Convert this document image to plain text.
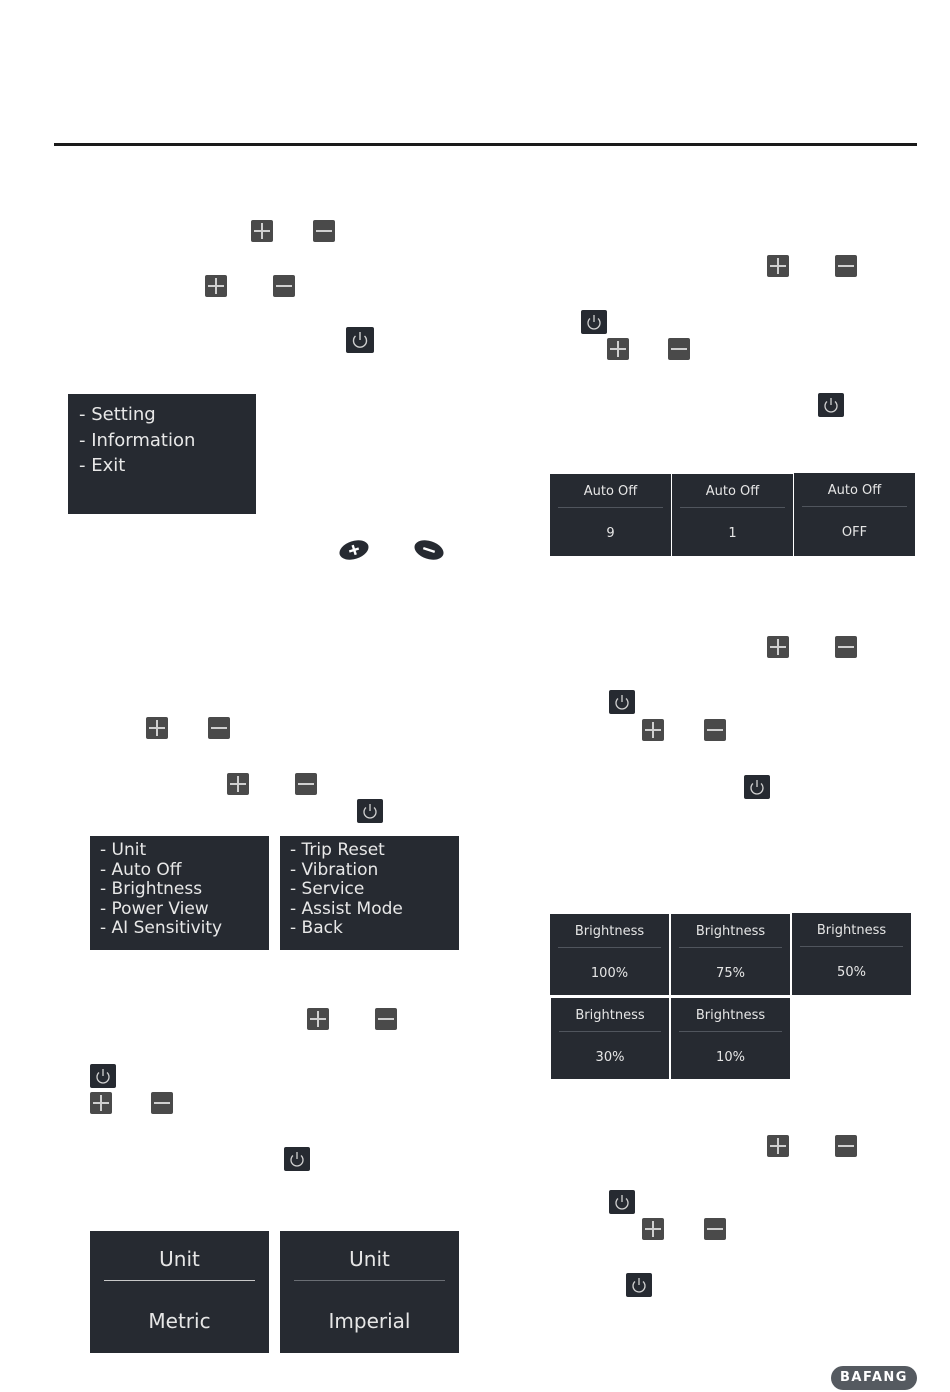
- Setting
- Information
- Exit
- Unit
- Auto Off
- Brightness
- Power View
- AI Sensitivity
- Trip Reset
- Vibration
- Service
- Assist Mode
- Back
Unit
Metric
Unit
Imperial
Auto Off
9
Auto Off
1
Auto Off
OFF
Brightness
100%
Brightness
75%
Brightness
50%
Brightness
30%
Brightness
10%
BAFANG
